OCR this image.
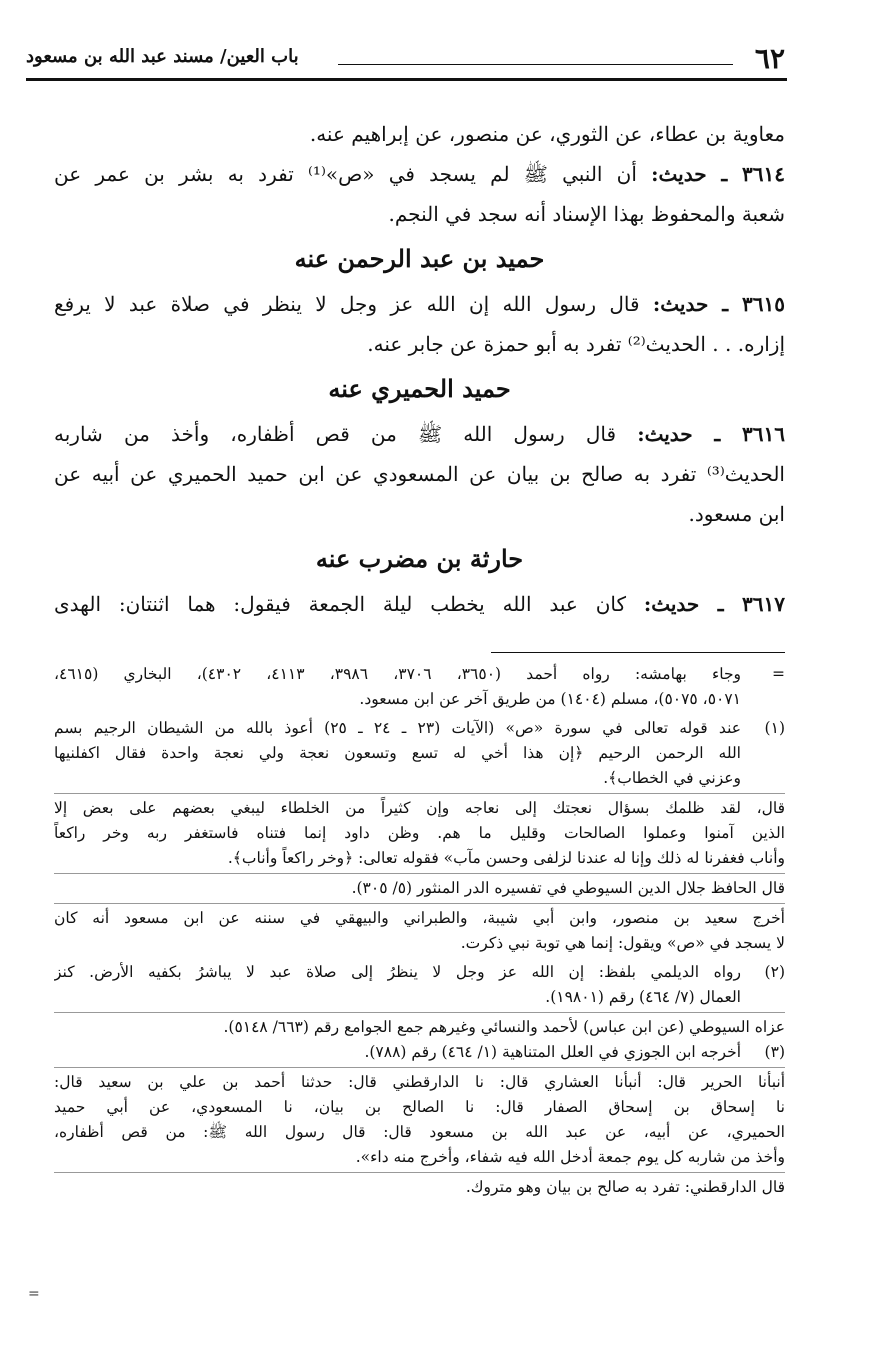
٦٢
باب العين/ مسند عبد الله بن مسعود
معاوية بن عطاء، عن الثوري، عن منصور، عن إبراهيم عنه.
٣٦١٤ ـ حديث: أن النبي ﷺ لم يسجد في «ص»⁽¹⁾ تفرد به بشر بن عمر عن
شعبة والمحفوظ بهذا الإسناد أنه سجد في النجم.
حميد بن عبد الرحمن عنه
٣٦١٥ ـ حديث: قال رسول الله إن الله عز وجل لا ينظر في صلاة عبد لا يرفع
إزاره. . . الحديث⁽²⁾ تفرد به أبو حمزة عن جابر عنه.
حميد الحميري عنه
٣٦١٦ ـ حديث: قال رسول الله ﷺ من قص أظفاره، وأخذ من شاربه
الحديث⁽³⁾ تفرد به صالح بن بيان عن المسعودي عن ابن حميد الحميري عن أبيه عن
ابن مسعود.
حارثة بن مضرب عنه
٣٦١٧ ـ حديث: كان عبد الله يخطب ليلة الجمعة فيقول: هما اثنتان: الهدى
=
وجاء بهامشه: رواه أحمد (٣٦٥٠، ٣٧٠٦، ٣٩٨٦، ٤١١٣، ٤٣٠٢)، البخاري (٤٦١٥،
٥٠٧١، ٥٠٧٥)، مسلم (١٤٠٤) من طريق آخر عن ابن مسعود.
(١)
عند قوله تعالى في سورة «ص» (الآيات (٢٣ ـ ٢٤ ـ ٢٥) أعوذ بالله من الشيطان الرجيم بسم
الله الرحمن الرحيم ﴿إن هذا أخي له تسع وتسعون نعجة ولي نعجة واحدة فقال اكفلنيها
وعزني في الخطاب﴾.
قال، لقد ظلمك بسؤال نعجتك إلى نعاجه وإن كثيراً من الخلطاء ليبغي بعضهم على بعض إلا
الذين آمنوا وعملوا الصالحات وقليل ما هم. وظن داود إنما فتناه فاستغفر ربه وخر راكعاً
وأناب فغفرنا له ذلك وإنا له عندنا لزلفى وحسن مآب» فقوله تعالى: ﴿وخر راكعاً وأناب﴾.
قال الحافظ جلال الدين السيوطي في تفسيره الدر المنثور (٥/ ٣٠٥).
أخرج سعيد بن منصور، وابن أبي شيبة، والطبراني والبيهقي في سننه عن ابن مسعود أنه كان
لا يسجد في «ص» ويقول: إنما هي توبة نبي ذكرت.
(٢)
رواه الديلمي بلفظ: إن الله عز وجل لا ينظرُ إلى صلاة عبد لا يباشرُ بكفيه الأرض. كنز
العمال (٧/ ٤٦٤) رقم (١٩٨٠١).
عزاه السيوطي (عن ابن عباس) لأحمد والنسائي وغيرهم جمع الجوامع رقم (٦٦٣/ ٥١٤٨).
(٣)
أخرجه ابن الجوزي في العلل المتناهية (١/ ٤٦٤) رقم (٧٨٨).
أنبأنا الحرير قال: أنبأنا العشاري قال: نا الدارقطني قال: حدثنا أحمد بن علي بن سعيد قال:
نا إسحاق بن إسحاق الصفار قال: نا الصالح بن بيان، نا المسعودي، عن أبي حميد
الحميري، عن أبيه، عن عبد الله بن مسعود قال: قال رسول الله ﷺ: من قص أظفاره،
وأخذ من شاربه كل يوم جمعة أدخل الله فيه شفاء، وأخرج منه داء».
قال الدارقطني: تفرد به صالح بن بيان وهو متروك.
=
